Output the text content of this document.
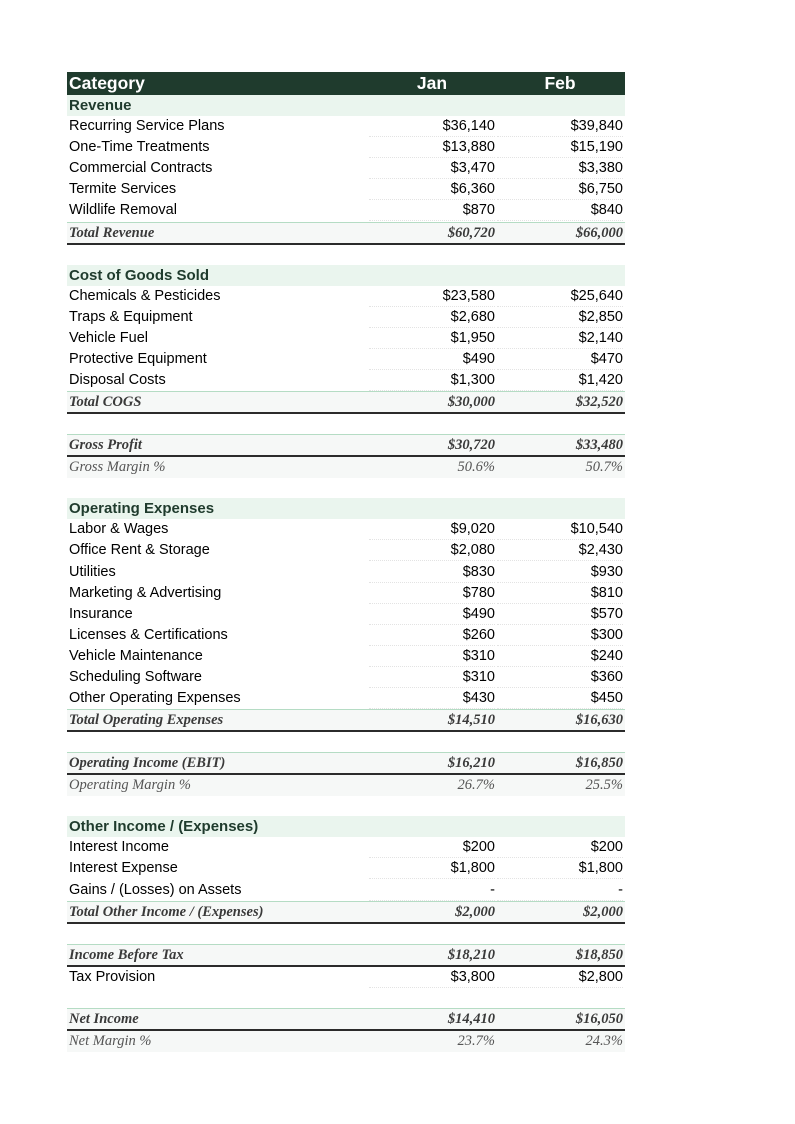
Category	Jan	Feb
Revenue
Recurring Service Plans	$36,140	$39,840
One-Time Treatments	$13,880	$15,190
Commercial Contracts	$3,470	$3,380
Termite Services	$6,360	$6,750
Wildlife Removal	$870	$840
Total Revenue	$60,720	$66,000
Cost of Goods Sold
Chemicals & Pesticides	$23,580	$25,640
Traps & Equipment	$2,680	$2,850
Vehicle Fuel	$1,950	$2,140
Protective Equipment	$490	$470
Disposal Costs	$1,300	$1,420
Total COGS	$30,000	$32,520
Gross Profit	$30,720	$33,480
Gross Margin %	50.6%	50.7%
Operating Expenses
Labor & Wages	$9,020	$10,540
Office Rent & Storage	$2,080	$2,430
Utilities	$830	$930
Marketing & Advertising	$780	$810
Insurance	$490	$570
Licenses & Certifications	$260	$300
Vehicle Maintenance	$310	$240
Scheduling Software	$310	$360
Other Operating Expenses	$430	$450
Total Operating Expenses	$14,510	$16,630
Operating Income (EBIT)	$16,210	$16,850
Operating Margin %	26.7%	25.5%
Other Income / (Expenses)
Interest Income	$200	$200
Interest Expense	$1,800	$1,800
Gains / (Losses) on Assets	-	-
Total Other Income / (Expenses)	$2,000	$2,000
Income Before Tax	$18,210	$18,850
Tax Provision	$3,800	$2,800
Net Income	$14,410	$16,050
Net Margin %	23.7%	24.3%
